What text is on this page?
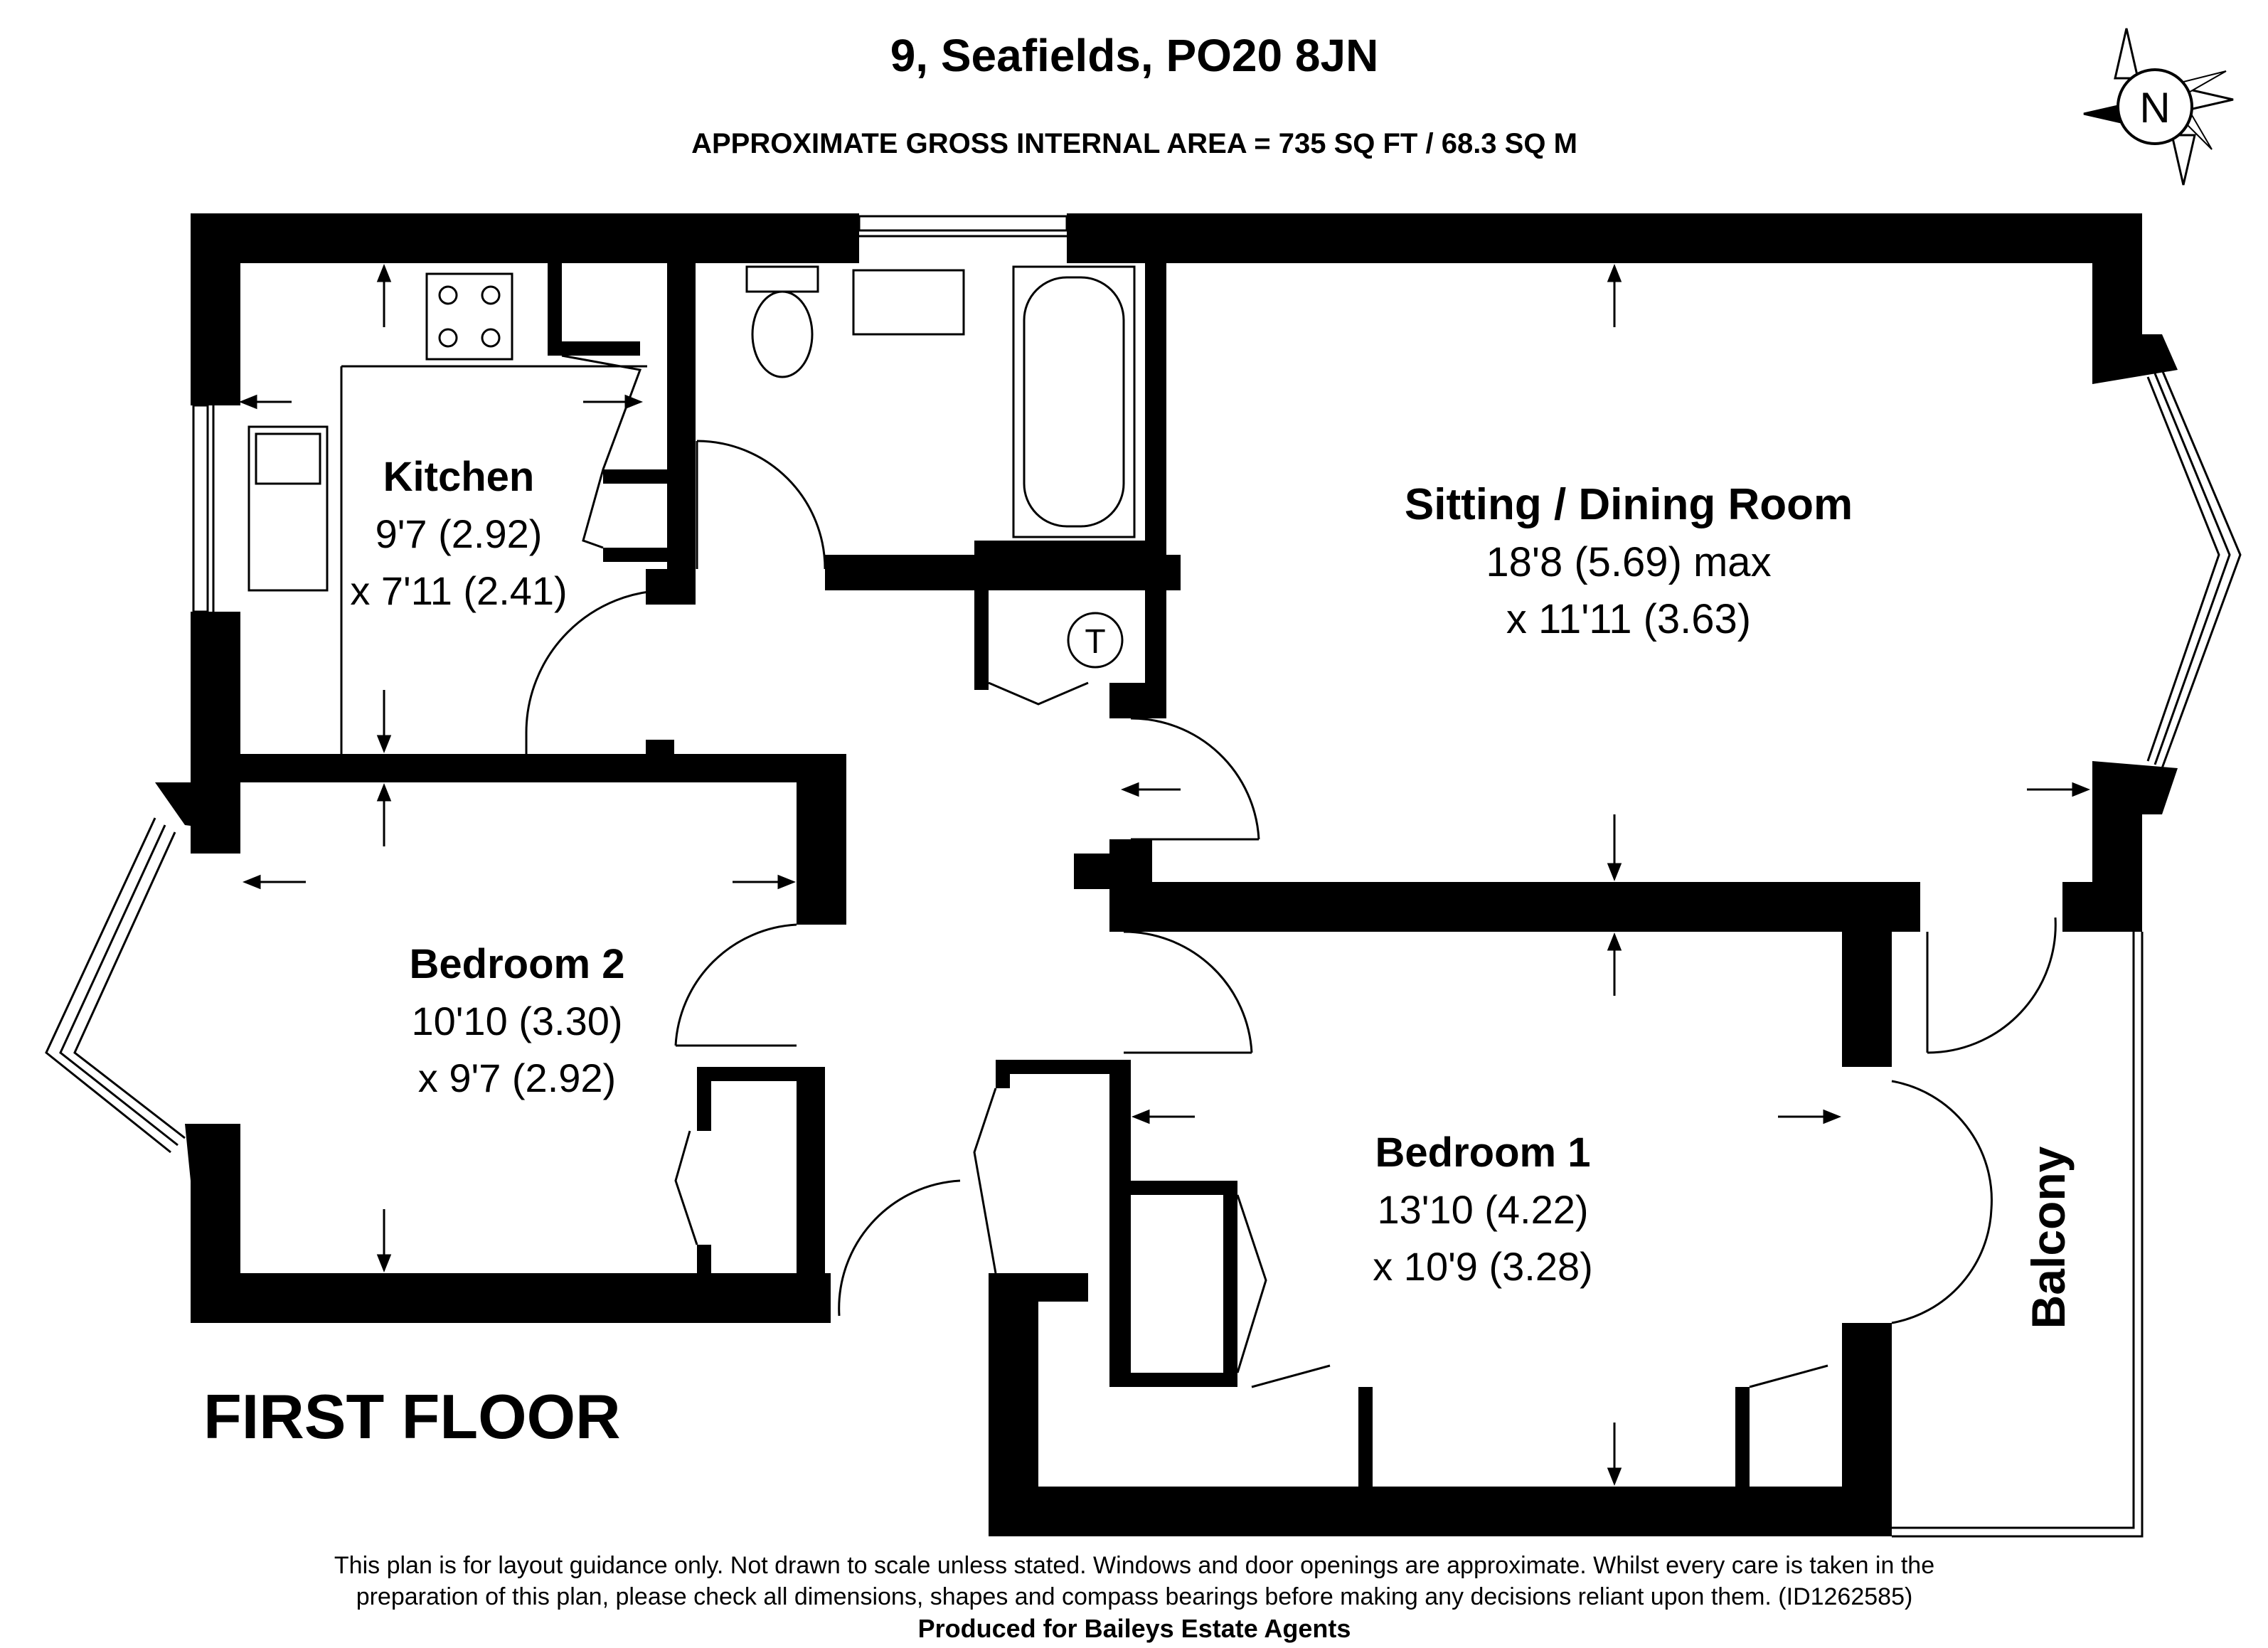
9, Seafields, PO20 8JN
APPROXIMATE GROSS INTERNAL AREA = 735 SQ FT / 68.3 SQ M
N
T
Kitchen
9'7 (2.92)
x 7'11 (2.41)
Sitting / Dining Room
18'8 (5.69) max
x 11'11 (3.63)
Bedroom 2
10'10 (3.30)
x 9'7 (2.92)
Bedroom 1
13'10 (4.22)
x 10'9 (3.28)	Balcony
FIRST FLOOR
This plan is for layout guidance only. Not drawn to scale unless stated. Windows and door openings are approximate. Whilst every care is taken in the
preparation of this plan, please check all dimensions, shapes and compass bearings before making any decisions reliant upon them. (ID1262585)
Produced for Baileys Estate Agents
